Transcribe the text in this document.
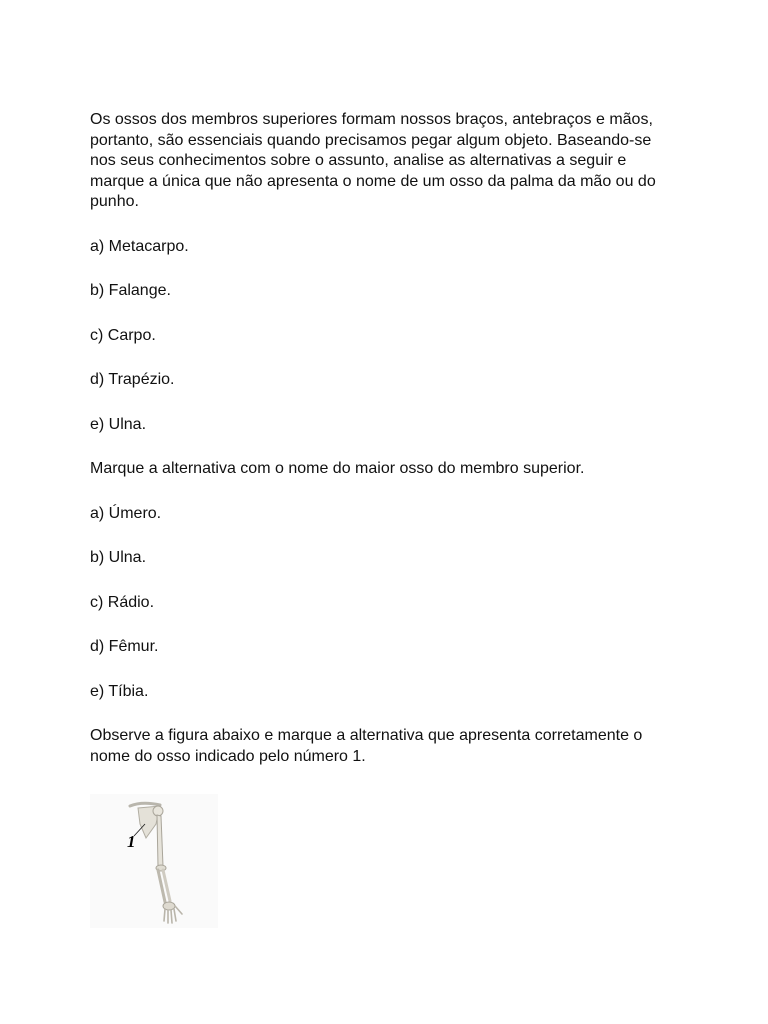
Os ossos dos membros superiores formam nossos braços, antebraços e mãos, portanto, são essenciais quando precisamos pegar algum objeto. Baseando-se nos seus conhecimentos sobre o assunto, analise as alternativas a seguir e marque a única que não apresenta o nome de um osso da palma da mão ou do punho.

a) Metacarpo.

b) Falange.

c) Carpo.

d) Trapézio.

e) Ulna.

Marque a alternativa com o nome do maior osso do membro superior.

a) Úmero.

b) Ulna.

c) Rádio.

d) Fêmur.

e) Tíbia.

Observe a figura abaixo e marque a alternativa que apresenta corretamente o nome do osso indicado pelo número 1.

1
